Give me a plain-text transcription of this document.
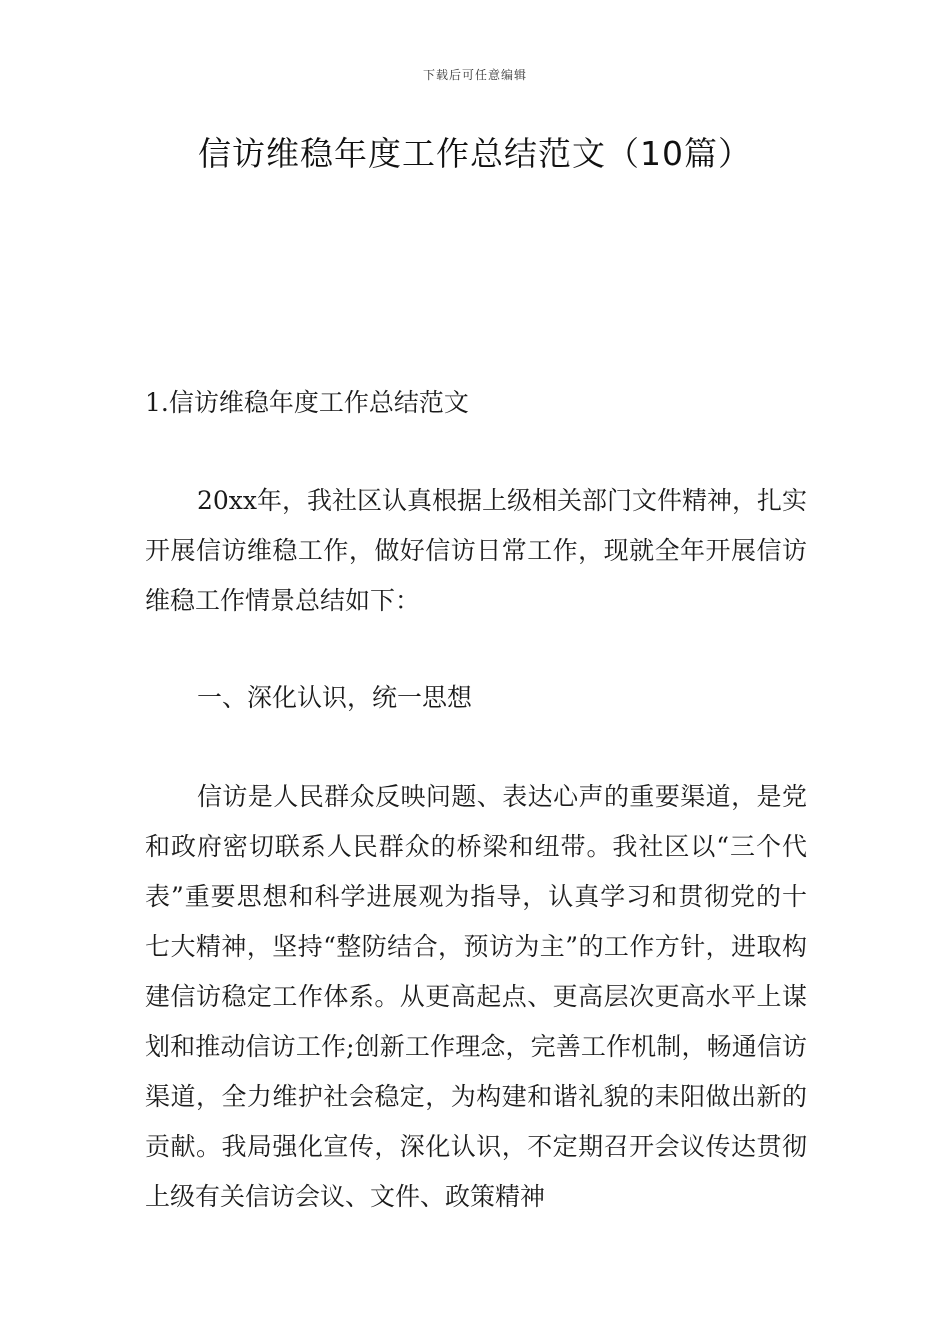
下载后可任意编辑
信访维稳年度工作总结范文（10篇）
1.信访维稳年度工作总结范文
20xx年，我社区认真根据上级相关部门文件精神，扎实开展信访维稳工作，做好信访日常工作，现就全年开展信访维稳工作情景总结如下：
一、深化认识，统一思想
信访是人民群众反映问题、表达心声的重要渠道，是党和政府密切联系人民群众的桥梁和纽带。我社区以“三个代表”重要思想和科学进展观为指导，认真学习和贯彻党的十七大精神，坚持“整防结合，预访为主”的工作方针，进取构建信访稳定工作体系。从更高起点、更高层次更高水平上谋划和推动信访工作;创新工作理念，完善工作机制，畅通信访渠道，全力维护社会稳定，为构建和谐礼貌的耒阳做出新的贡献。我局强化宣传，深化认识，不定期召开会议传达贯彻上级有关信访会议、文件、政策精神
